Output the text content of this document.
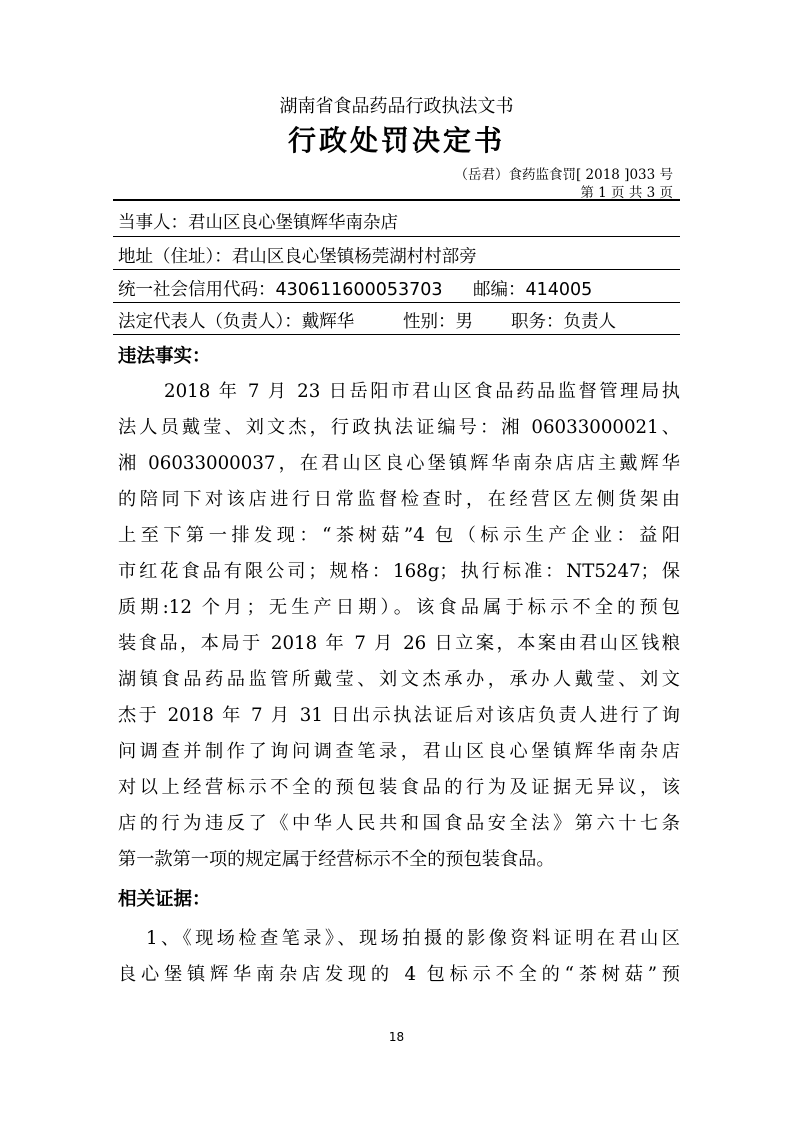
湖南省食品药品行政执法文书
行政处罚决定书
（岳君）食药监食罚[ 2018 ]033 号
第 1 页 共 3 页
当事人：君山区良心堡镇辉华南杂店
地址（住址）：君山区良心堡镇杨莞湖村村部旁
统一社会信用代码：430611600053703 邮编：414005
法定代表人（负责人）：戴辉华	性别：男 职务：负责人
违法事实：
2018 年 7 月 23 日岳阳市君山区食品药品监督管理局执
法人员戴莹、刘文杰，行政执法证编号：湘 06033000021、
湘 06033000037，在君山区良心堡镇辉华南杂店店主戴辉华
的陪同下对该店进行日常监督检查时，在经营区左侧货架由
上至下第一排发现：“茶树菇”4 包（标示生产企业：益阳
市红花食品有限公司；规格：168g；执行标准：NT5247；保
质期:12 个月；无生产日期）。该食品属于标示不全的预包
装食品，本局于 2018 年 7 月 26 日立案，本案由君山区钱粮
湖镇食品药品监管所戴莹、刘文杰承办，承办人戴莹、刘文
杰于 2018 年 7 月 31 日出示执法证后对该店负责人进行了询
问调查并制作了询问调查笔录，君山区良心堡镇辉华南杂店
对以上经营标示不全的预包装食品的行为及证据无异议，该
店的行为违反了《中华人民共和国食品安全法》第六十七条
第一款第一项的规定属于经营标示不全的预包装食品。
相关证据：
1、《现场检查笔录》、现场拍摄的影像资料证明在君山区
良心堡镇辉华南杂店发现的 4 包标示不全的“茶树菇”预
18
